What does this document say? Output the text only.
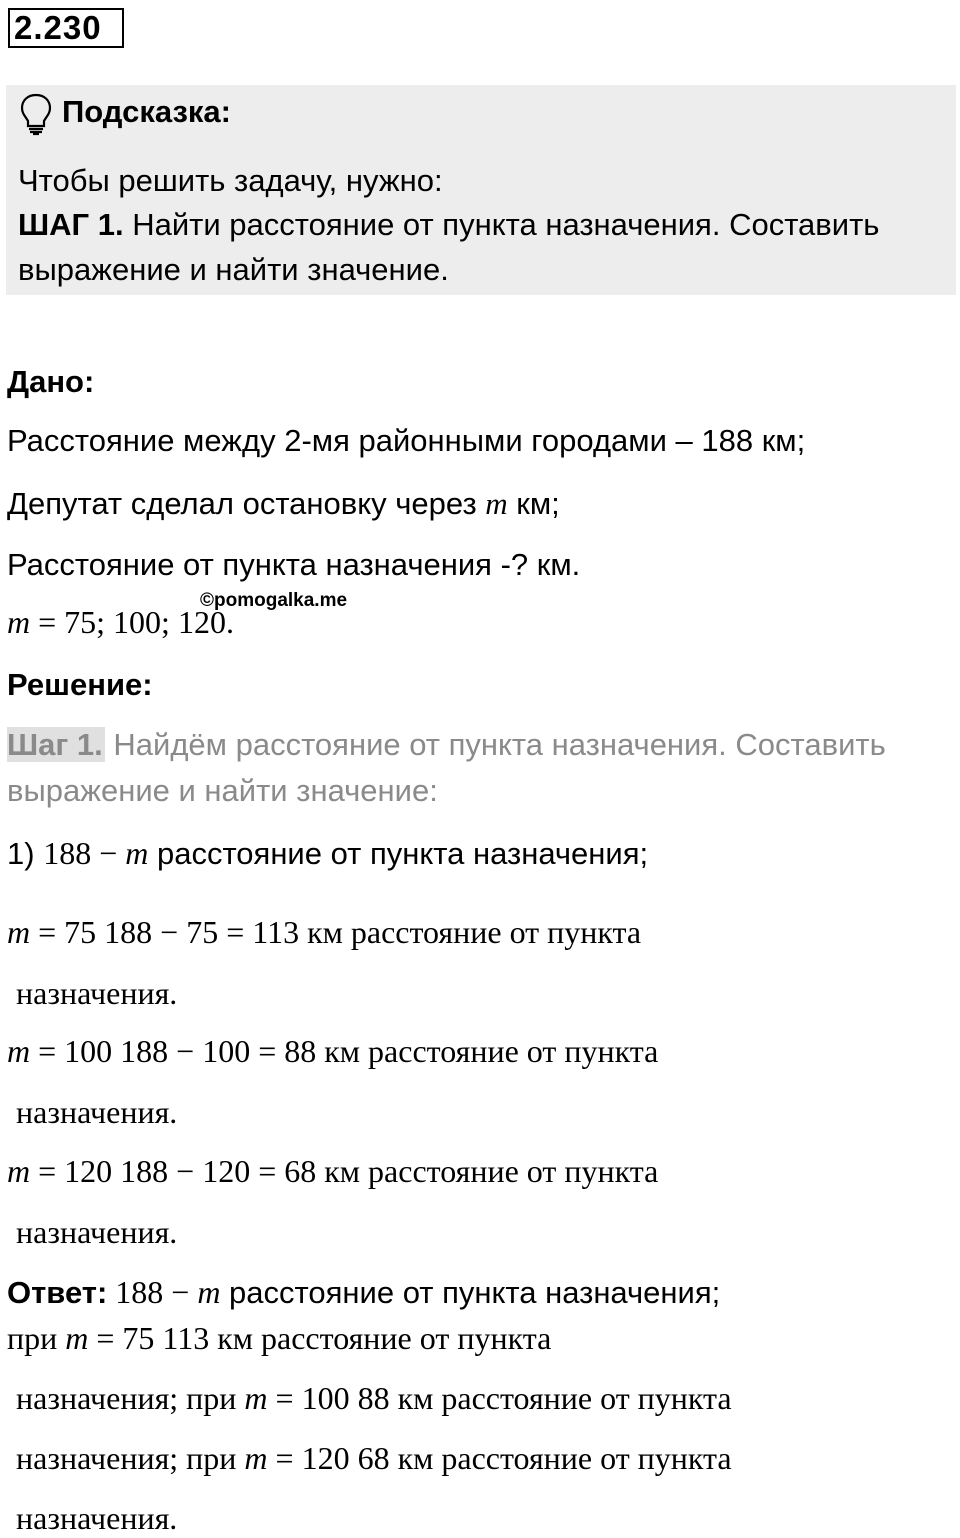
2.230
Подсказка:
Чтобы решить задачу, нужно:
ШАГ 1. Найти расстояние от пункта назначения. Составить
выражение и найти значение.
Дано:
Расстояние между 2-мя районными городами – 188 км;
Депутат сделал остановку через m км;
Расстояние от пункта назначения -? км.
m = 75; 100; 120.
©pomogalka.me
Решение:
Шаг 1. Найдём расстояние от пункта назначения. Составить
выражение и найти значение:
1) 188 − m расстояние от пункта назначения;
m = 75 188 − 75 = 113 км расстояние от пункта
назначения.
m = 100 188 − 100 = 88 км расстояние от пункта
назначения.
m = 120 188 − 120 = 68 км расстояние от пункта
назначения.
Ответ: 188 − m расстояние от пункта назначения;
при m = 75 113 км расстояние от пункта
назначения; при m = 100 88 км расстояние от пункта
назначения; при m = 120 68 км расстояние от пункта
назначения.
